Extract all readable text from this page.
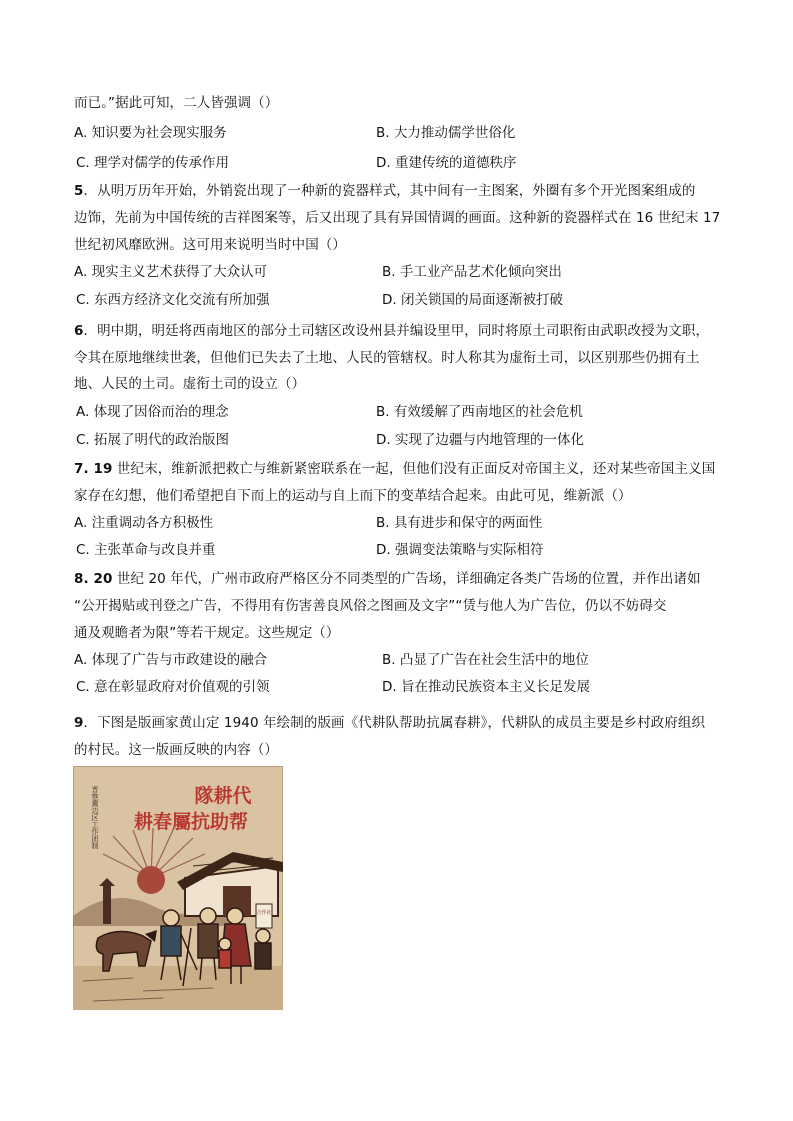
而已。”据此可知，二人皆强调（）
A. 知识要为社会现实服务	B. 大力推动儒学世俗化
C. 理学对儒学的传承作用	D. 重建传统的道德秩序
5．从明万历年开始，外销瓷出现了一种新的瓷器样式，其中间有一主图案，外圈有多个开光图案组成的
边饰，先前为中国传统的吉祥图案等，后又出现了具有异国情调的画面。这种新的瓷器样式在 16 世纪末 17
世纪初风靡欧洲。这可用来说明当时中国（）
A. 现实主义艺术获得了大众认可	B. 手工业产品艺术化倾向突出
C. 东西方经济文化交流有所加强	D. 闭关锁国的局面逐渐被打破
6．明中期，明廷将西南地区的部分土司辖区改设州县并编设里甲，同时将原土司职衔由武职改授为文职，
令其在原地继续世袭，但他们已失去了土地、人民的管辖权。时人称其为虚衔土司，以区别那些仍拥有土
地、人民的土司。虚衔土司的设立（）
A. 体现了因俗而治的理念	B. 有效缓解了西南地区的社会危机
C. 拓展了明代的政治版图	D. 实现了边疆与内地管理的一体化
7. 19 世纪末，维新派把救亡与维新紧密联系在一起，但他们没有正面反对帝国主义，还对某些帝国主义国
家存在幻想，他们希望把自下而上的运动与自上而下的变革结合起来。由此可见，维新派（）
A. 注重调动各方积极性	B. 具有进步和保守的两面性
C. 主张革命与改良并重	D. 强调变法策略与实际相符
8. 20 世纪 20 年代，广州市政府严格区分不同类型的广告场，详细确定各类广告场的位置，并作出诸如
“公开揭贴或刊登之广告，不得用有伤害善良风俗之图画及文字”“赁与他人为广告位，仍以不妨碍交
通及观瞻者为限”等若干规定。这些规定（）
A. 体现了广告与市政建设的融合	B. 凸显了广告在社会生活中的地位
C. 意在彰显政府对价值观的引领	D. 旨在推动民族资本主义长足发展
9．下图是版画家黄山定 1940 年绘制的版画《代耕队帮助抗属春耕》，代耕队的成员主要是乡村政府组织
的村民。这一版画反映的内容（）
合作社
晋察冀边区工作团制	隊耕代
耕春屬抗助帮
